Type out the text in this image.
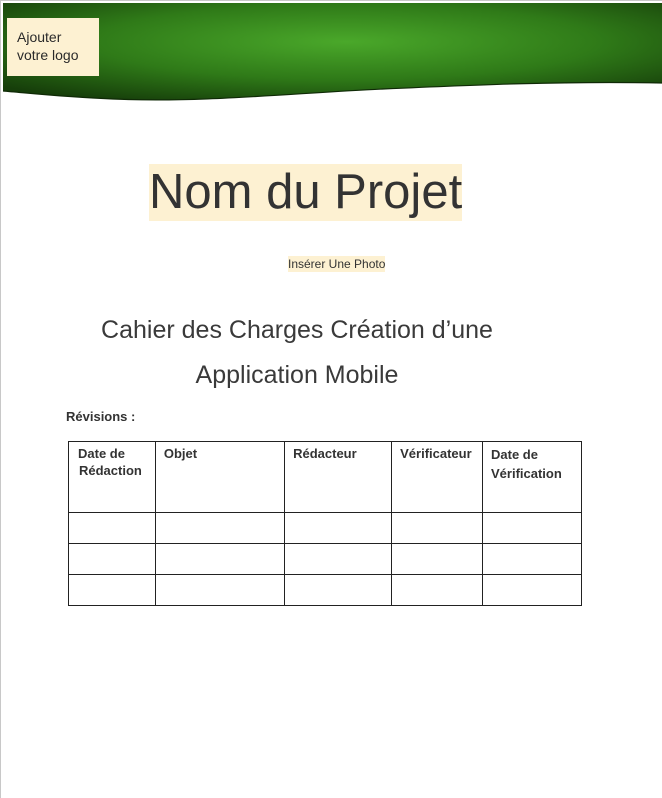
Ajouter
votre logo
Nom du Projet
Insérer Une Photo
Cahier des Charges Création d’une
Application Mobile
Révisions :
Date de
Rédaction	Objet	Rédacteur	Vérificateur	Date de
Vérification
